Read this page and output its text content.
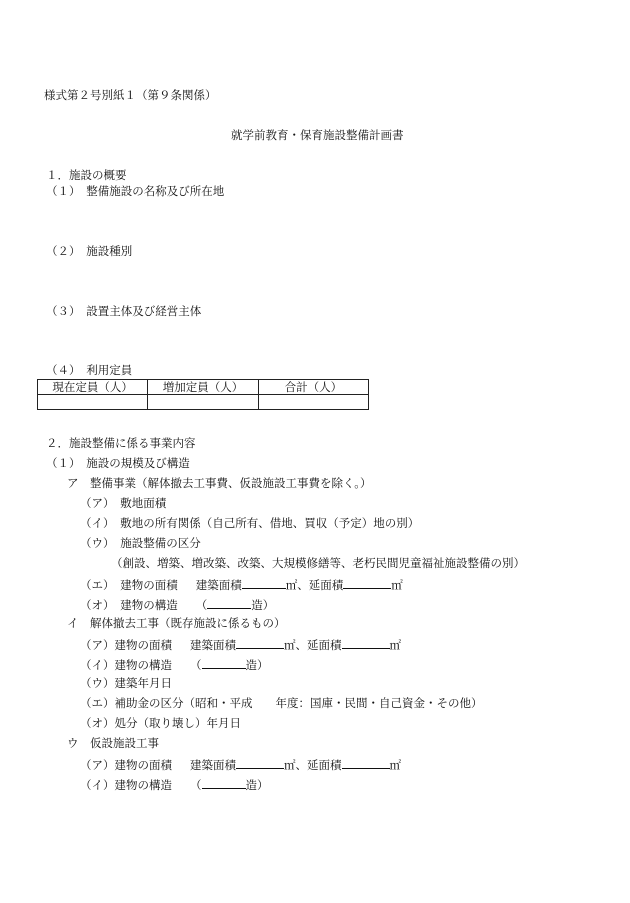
様式第２号別紙１（第９条関係）
就学前教育・保育施設整備計画書
１．施設の概要
（１）　整備施設の名称及び所在地
（２）　施設種別
（３）　設置主体及び経営主体
（４）　利用定員
現在定員（人）	増加定員（人）	合計（人）

２．施設整備に係る事業内容
（１）　施設の規模及び構造
ア　整備事業（解体撤去工事費、仮設施設工事費を除く。）
（ア）　敷地面積
（イ）　敷地の所有関係（自己所有、借地、買収（予定）地の別）
（ウ）　施設整備の区分
（創設、増築、増改築、改築、大規模修繕等、老朽民間児童福祉施設整備の別）
（エ）　建物の面積 建築面積	㎡、延面積	㎡
（オ）　建物の構造 （	造）
イ　解体撤去工事（既存施設に係るもの）
（ア）建物の面積 建築面積	㎡、延面積	㎡
（イ）建物の構造 （	造）
（ウ）建築年月日
（エ）補助金の区分（昭和・平成　　年度：国庫・民間・自己資金・その他）
（オ）処分（取り壊し）年月日
ウ　仮設施設工事
（ア）建物の面積 建築面積	㎡、延面積	㎡
（イ）建物の構造 （	造）
